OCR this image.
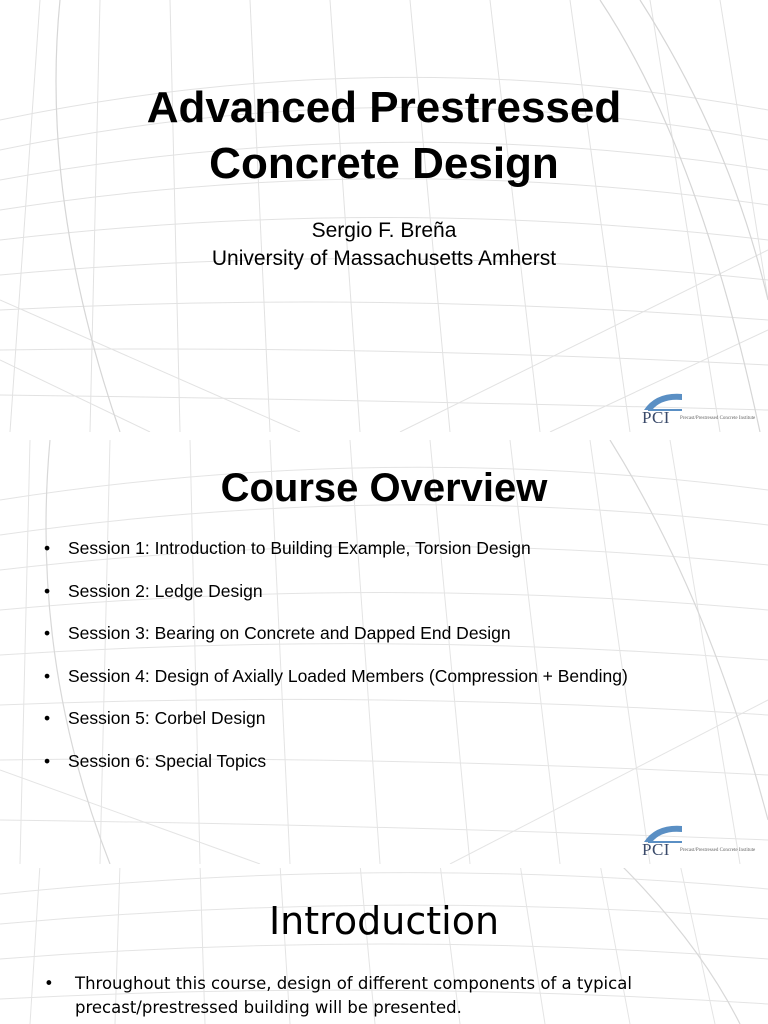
Advanced Prestressed
Concrete Design
Sergio F. Breña
University of Massachusetts Amherst
PCI Precast/Prestressed Concrete Institute
Course Overview
•	Session 1: Introduction to Building Example, Torsion Design
•	Session 2: Ledge Design
•	Session 3: Bearing on Concrete and Dapped End Design
•	Session 4: Design of Axially Loaded Members (Compression + Bending)
•	Session 5: Corbel Design
•	Session 6: Special Topics
PCI Precast/Prestressed Concrete Institute
Introduction
•	Throughout this course, design of different components of a typical
precast/prestressed building will be presented.
